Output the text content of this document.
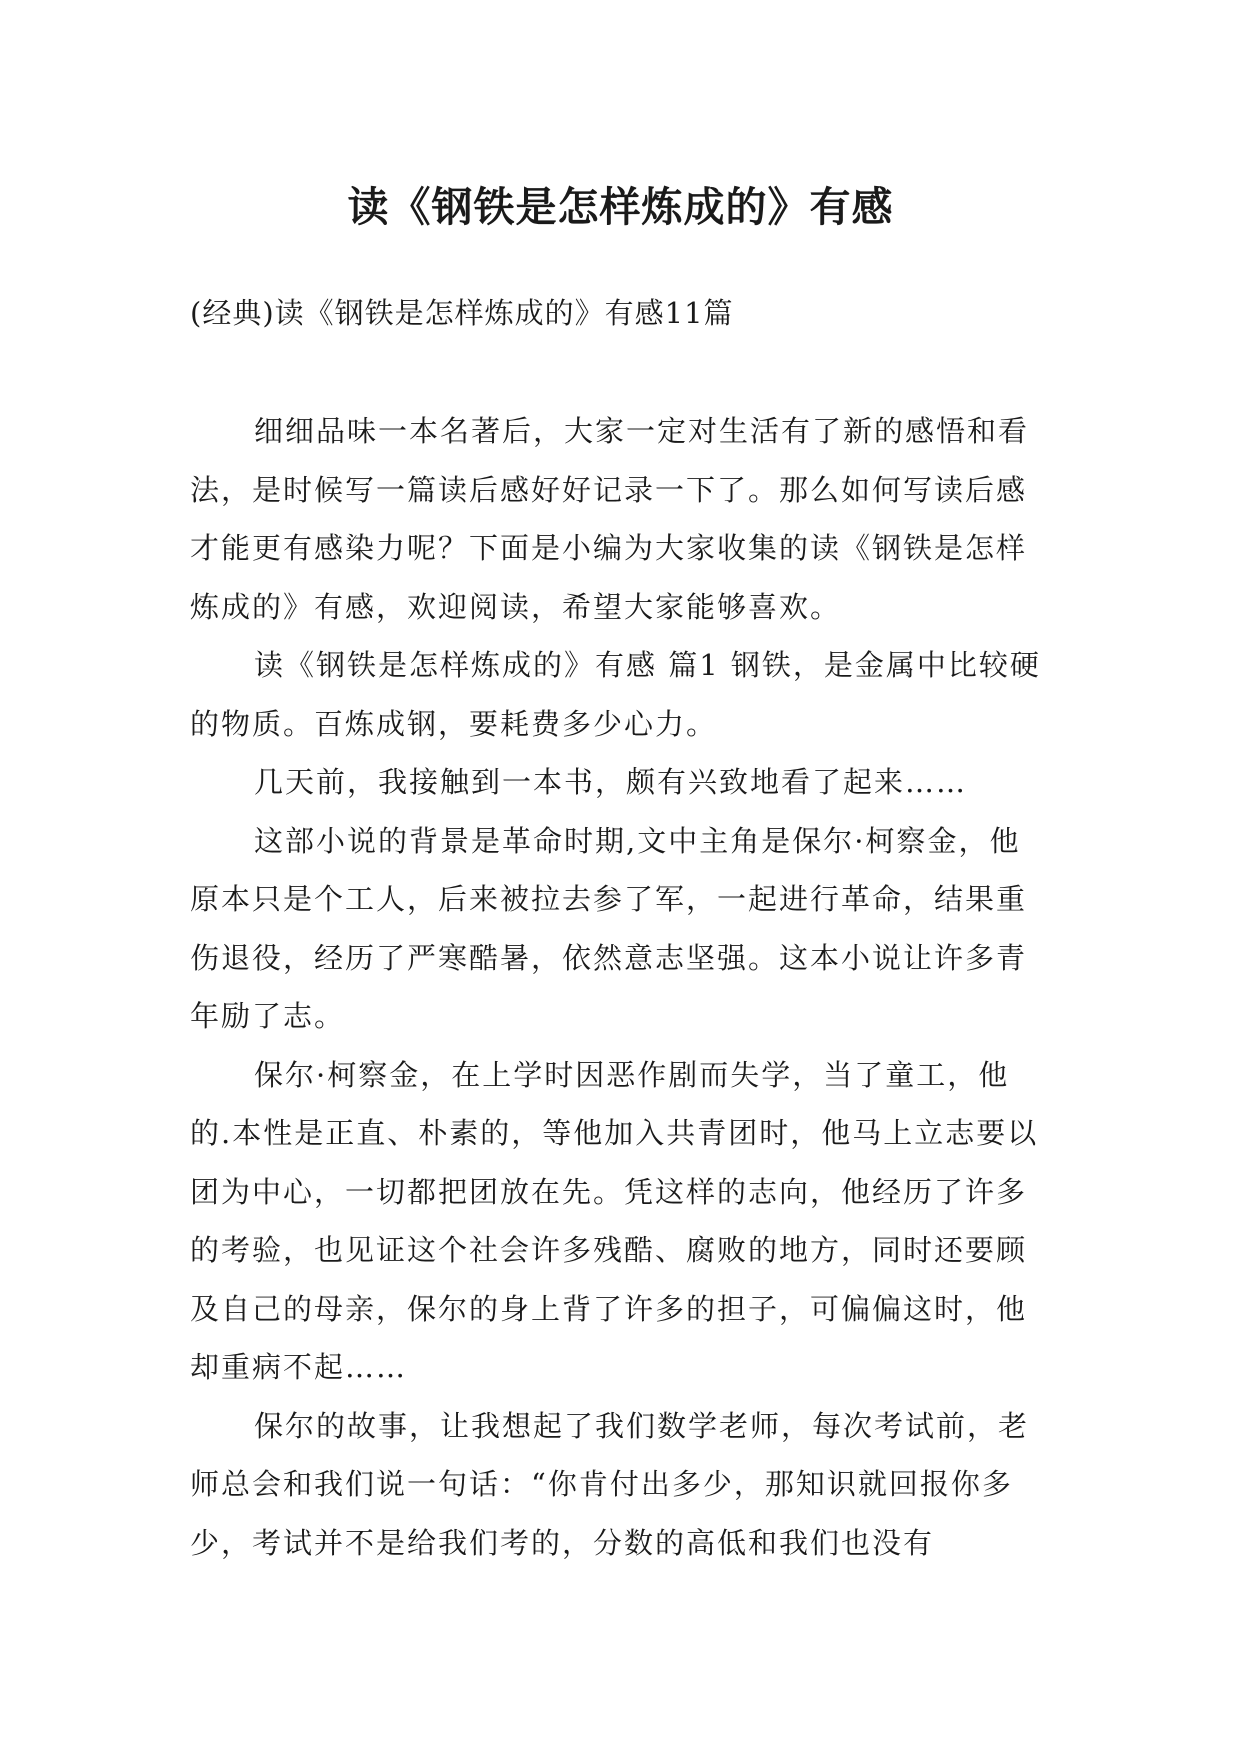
读《钢铁是怎样炼成的》有感
(经典)读《钢铁是怎样炼成的》有感11篇

细细品味一本名著后，大家一定对生活有了新的感悟和看法，是时候写一篇读后感好好记录一下了。那么如何写读后感才能更有感染力呢？下面是小编为大家收集的读《钢铁是怎样炼成的》有感，欢迎阅读，希望大家能够喜欢。

读《钢铁是怎样炼成的》有感 篇1 钢铁，是金属中比较硬的物质。百炼成钢，要耗费多少心力。

几天前，我接触到一本书，颇有兴致地看了起来……

这部小说的背景是革命时期,文中主角是保尔·柯察金，他原本只是个工人，后来被拉去参了军，一起进行革命，结果重伤退役，经历了严寒酷暑，依然意志坚强。这本小说让许多青年励了志。

保尔·柯察金，在上学时因恶作剧而失学，当了童工，他的.本性是正直、朴素的，等他加入共青团时，他马上立志要以团为中心，一切都把团放在先。凭这样的志向，他经历了许多的考验，也见证这个社会许多残酷、腐败的地方，同时还要顾及自己的母亲，保尔的身上背了许多的担子，可偏偏这时，他却重病不起……

保尔的故事，让我想起了我们数学老师，每次考试前，老师总会和我们说一句话：“你肯付出多少，那知识就回报你多少，考试并不是给我们考的，分数的高低和我们也没有
